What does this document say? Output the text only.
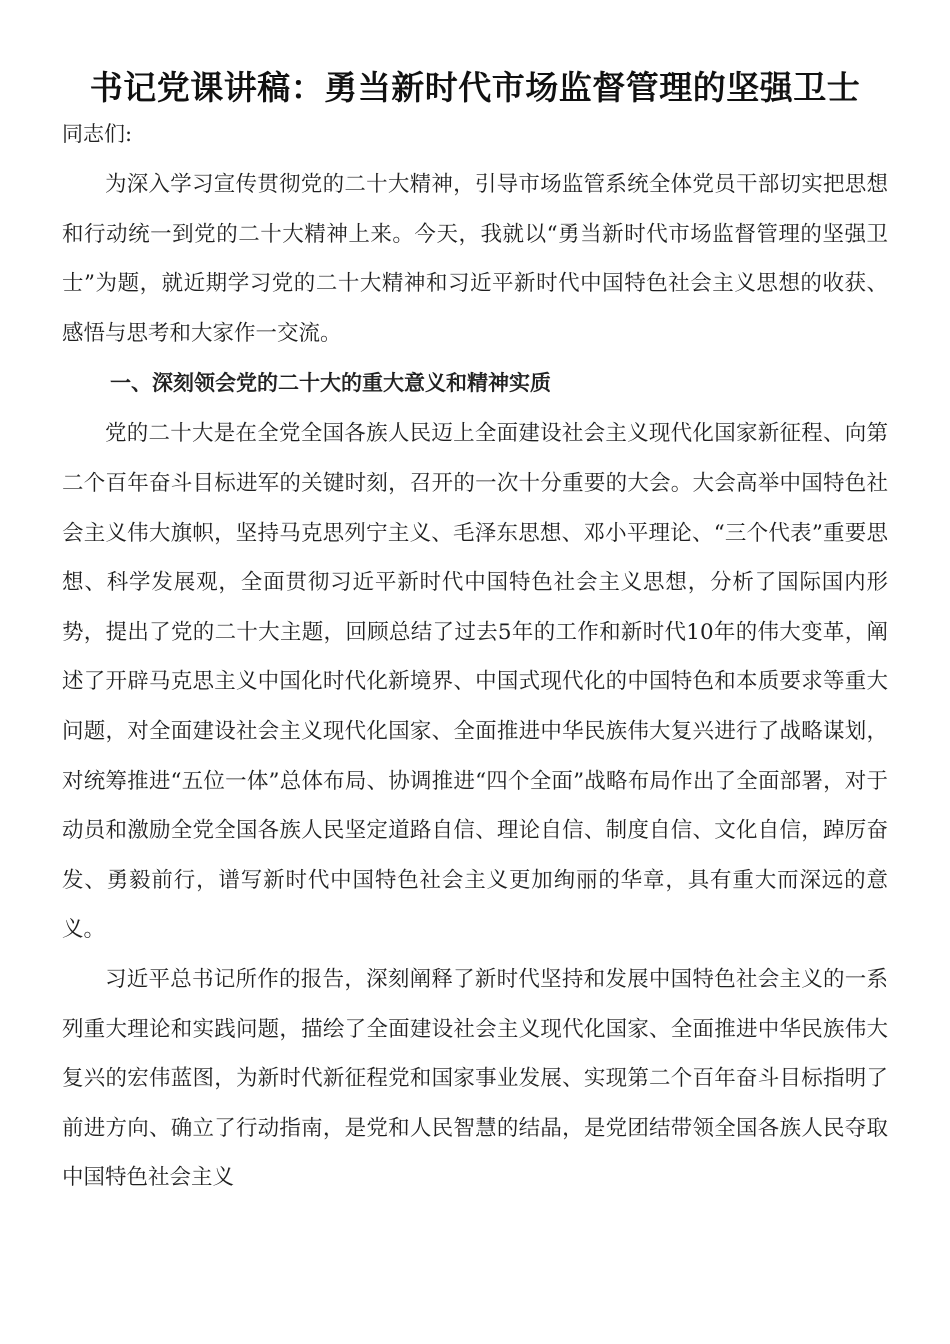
书记党课讲稿：勇当新时代市场监督管理的坚强卫士

同志们:

为深入学习宣传贯彻党的二十大精神，引导市场监管系统全体党员干部切实把思想和行动统一到党的二十大精神上来。今天，我就以“勇当新时代市场监督管理的坚强卫士”为题，就近期学习党的二十大精神和习近平新时代中国特色社会主义思想的收获、感悟与思考和大家作一交流。

一、深刻领会党的二十大的重大意义和精神实质

党的二十大是在全党全国各族人民迈上全面建设社会主义现代化国家新征程、向第二个百年奋斗目标进军的关键时刻，召开的一次十分重要的大会。大会高举中国特色社会主义伟大旗帜，坚持马克思列宁主义、毛泽东思想、邓小平理论、“三个代表”重要思想、科学发展观，全面贯彻习近平新时代中国特色社会主义思想，分析了国际国内形势，提出了党的二十大主题，回顾总结了过去5年的工作和新时代10年的伟大变革，阐述了开辟马克思主义中国化时代化新境界、中国式现代化的中国特色和本质要求等重大问题，对全面建设社会主义现代化国家、全面推进中华民族伟大复兴进行了战略谋划，对统筹推进“五位一体”总体布局、协调推进“四个全面”战略布局作出了全面部署，对于动员和激励全党全国各族人民坚定道路自信、理论自信、制度自信、文化自信，踔厉奋发、勇毅前行，谱写新时代中国特色社会主义更加绚丽的华章，具有重大而深远的意义。

习近平总书记所作的报告，深刻阐释了新时代坚持和发展中国特色社会主义的一系列重大理论和实践问题，描绘了全面建设社会主义现代化国家、全面推进中华民族伟大复兴的宏伟蓝图，为新时代新征程党和国家事业发展、实现第二个百年奋斗目标指明了前进方向、确立了行动指南，是党和人民智慧的结晶，是党团结带领全国各族人民夺取中国特色社会主义
